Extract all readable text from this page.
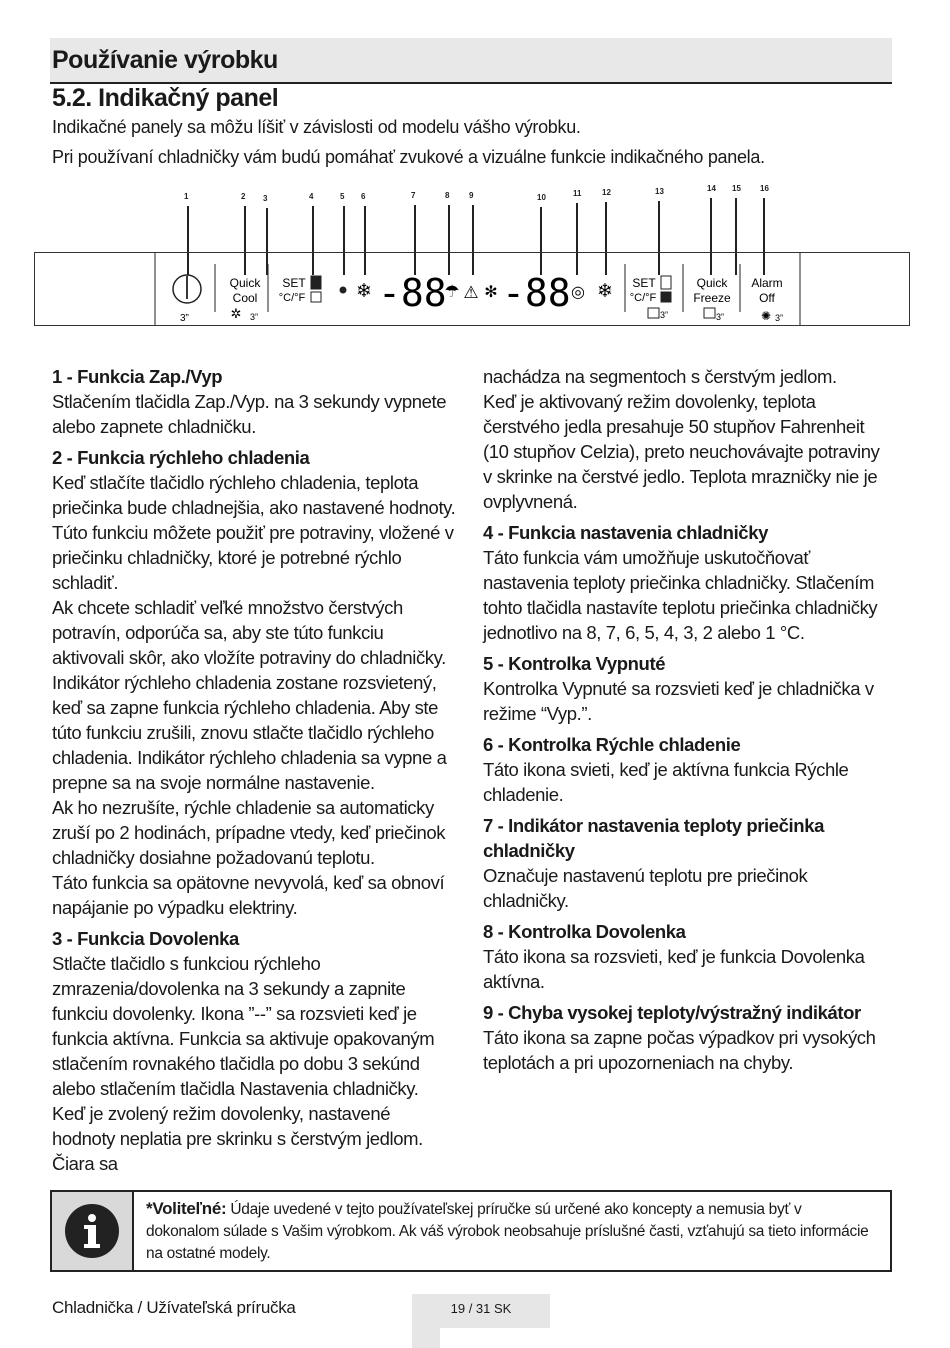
Používanie výrobku
5.2. Indikačný panel
Indikačné panely sa môžu líšiť v závislosti od modelu vášho výrobku.
Pri používaní chladničky vám budú pomáhať zvukové a vizuálne funkcie indikačného panela.
1	2 3	4	5 6	7	8 9	10	11	12	13	14 15 16
Quick
Cool
✲
SET
°C/°F	❄ -88
☂ ⚠ ✻ -88 ◎ ❄ SET
°C/°F
Quick
Freeze
Alarm
Off
✺
3”	3”	3”	3”	3”
1 - Funkcia Zap./Vyp

Stlačením tlačidla Zap./Vyp. na 3 sekundy vypnete alebo zapnete chladničku.

2 - Funkcia rýchleho chladenia

Keď stlačíte tlačidlo rýchleho chladenia, teplota priečinka bude chladnejšia, ako nastavené hodnoty.

Túto funkciu môžete použiť pre potraviny, vložené v priečinku chladničky, ktoré je potrebné rýchlo schladiť.

Ak chcete schladiť veľké množstvo čerstvých potravín, odporúča sa, aby ste túto funkciu aktivovali skôr, ako vložíte potraviny do chladničky.

Indikátor rýchleho chladenia zostane rozsvietený, keď sa zapne funkcia rýchleho chladenia. Aby ste túto funkciu zrušili, znovu stlačte tlačidlo rýchleho chladenia. Indikátor rýchleho chladenia sa vypne a prepne sa na svoje normálne nastavenie.

Ak ho nezrušíte, rýchle chladenie sa automaticky zruší po 2 hodinách, prípadne vtedy, keď priečinok chladničky dosiahne požadovanú teplotu.

Táto funkcia sa opätovne nevyvolá, keď sa obnoví napájanie po výpadku elektriny.

3 - Funkcia Dovolenka

Stlačte tlačidlo s funkciou rýchleho zmrazenia/dovolenka na 3 sekundy a zapnite funkciu dovolenky. Ikona ”--” sa rozsvieti keď je funkcia aktívna. Funkcia sa aktivuje opakovaným stlačením rovnakého tlačidla po dobu 3 sekúnd alebo stlačením tlačidla Nastavenia chladničky.

Keď je zvolený režim dovolenky, nastavené hodnoty neplatia pre skrinku s čerstvým jedlom. Čiara sa

nachádza na segmentoch s čerstvým jedlom.

Keď je aktivovaný režim dovolenky, teplota čerstvého jedla presahuje 50 stupňov Fahrenheit (10 stupňov Celzia), preto neuchovávajte potraviny v skrinke na čerstvé jedlo. Teplota mrazničky nie je ovplyvnená.

4 - Funkcia nastavenia chladničky

Táto funkcia vám umožňuje uskutočňovať nastavenia teploty priečinka chladničky. Stlačením tohto tlačidla nastavíte teplotu priečinka chladničky jednotlivo na 8, 7, 6, 5, 4, 3, 2 alebo 1 °C.

5 - Kontrolka Vypnuté

Kontrolka Vypnuté sa rozsvieti keď je chladnička v režime “Vyp.”.

6 - Kontrolka Rýchle chladenie

Táto ikona svieti, keď je aktívna funkcia Rýchle chladenie.

7 - Indikátor nastavenia teploty priečinka chladničky

Označuje nastavenú teplotu pre priečinok chladničky.

8 - Kontrolka Dovolenka

Táto ikona sa rozsvieti, keď je funkcia Dovolenka aktívna.

9 - Chyba vysokej teploty/výstražný indikátor

Táto ikona sa zapne počas výpadkov pri vysokých teplotách a pri upozorneniach na chyby.

*Voliteľné: Údaje uvedené v tejto používateľskej príručke sú určené ako koncepty a nemusia byť v dokonalom súlade s Vašim výrobkom. Ak váš výrobok neobsahuje príslušné časti, vzťahujú sa tieto informácie na ostatné modely.
Chladnička / Užívateľská príručka	19 / 31 SK
